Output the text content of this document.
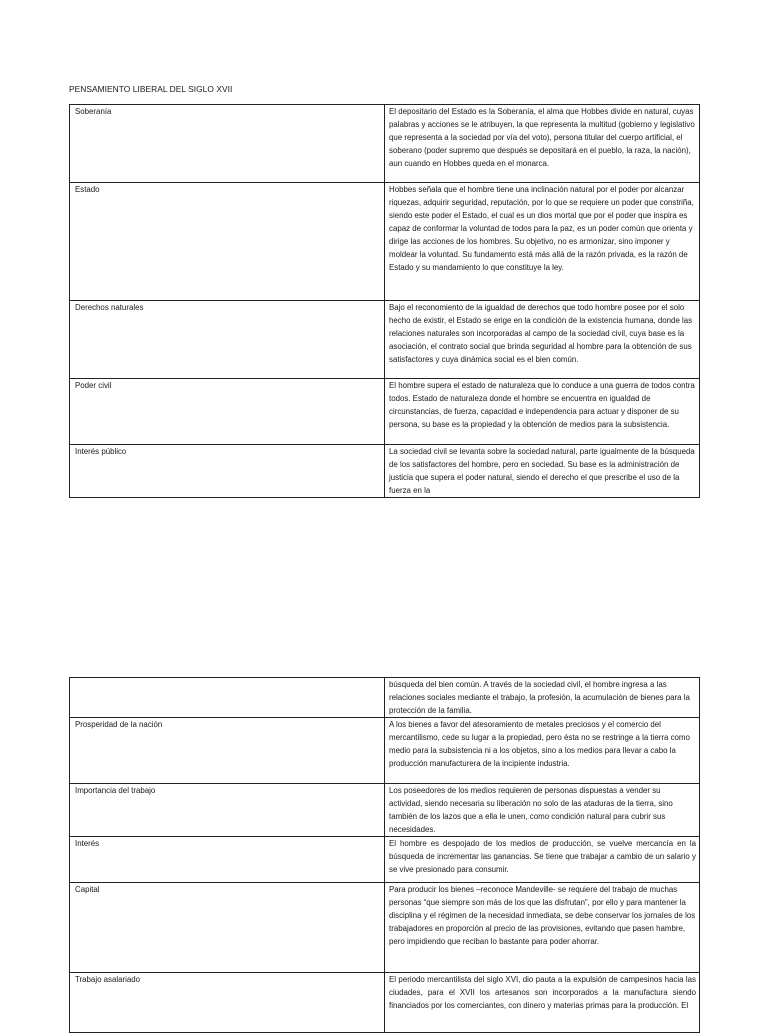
PENSAMIENTO LIBERAL DEL SIGLO XVII
Soberanía	El depositario del Estado es la Soberanía, el alma que Hobbes divide en natural, cuyas palabras y acciones se le atribuyen, la que representa la multitud (gobierno y legislativo que representa a la sociedad por vía del voto), persona titular del cuerpo artificial, el soberano (poder supremo que después se depositará en el pueblo, la raza, la nación), aun cuando en Hobbes queda en el monarca.
Estado	Hobbes señala que el hombre tiene una inclinación natural por el poder por alcanzar riquezas, adquirir seguridad, reputación, por lo que se requiere un poder que constriña, siendo este poder el Estado, el cual es un dios mortal que por el poder que inspira es capaz de conformar la voluntad de todos para la paz, es un poder común que orienta y dirige las acciones de los hombres. Su objetivo, no es armonizar, sino imponer y moldear la voluntad. Su fundamento está más allá de la razón privada, es la razón de Estado y su mandamiento lo que constituye la ley.
Derechos naturales	Bajo el reconomiento de la igualdad de derechos que todo hombre posee por el solo hecho de existir, el Estado se erige en la condición de la existencia humana, donde las relaciones naturales son incorporadas al campo de la sociedad civil, cuya base es la asociación, el contrato social que brinda seguridad al hombre para la obtención de sus satisfactores y cuya dinámica social es el bien común.
Poder civil	El hombre supera el estado de naturaleza que lo conduce a una guerra de todos contra todos. Estado de naturaleza donde el hombre se encuentra en igualdad de circunstancias, de fuerza, capacidad e independencia para actuar y disponer de su persona, su base es la propiedad y la obtención de medios para la subsistencia.
Interés público	La sociedad civil se levanta sobre la sociedad natural, parte igualmente de la búsqueda de los satisfactores del hombre, pero en sociedad. Su base es la administración de justicia que supera el poder natural, siendo el derecho el que prescribe el uso de la fuerza en la
	búsqueda del bien común. A través de la sociedad civil, el hombre ingresa a las relaciones sociales mediante el trabajo, la profesión, la acumulación de bienes para la protección de la familia.
Prosperidad de la nación	A los bienes a favor del atesoramiento de metales preciosos y el comercio del mercantilismo, cede su lugar a la propiedad, pero ésta no se restringe a la tierra como medio para la subsistencia ni a los objetos, sino a los medios para llevar a cabo la producción manufacturera de la incipiente industria.
Importancia del trabajo	Los poseedores de los medios requieren de personas dispuestas a vender su actividad, siendo necesaria su liberación no solo de las ataduras de la tierra, sino también de los lazos que a ella le unen, como condición natural para cubrir sus necesidades.
Interés	El hombre es despojado de los medios de producción, se vuelve mercancía en la búsqueda de incrementar las ganancias. Se tiene que trabajar a cambio de un salario y se vive presionado para consumir.
Capital	Para producir los bienes –reconoce Mandeville- se requiere del trabajo de muchas personas “que siempre son más de los que las disfrutan”, por ello y para mantener la disciplina y el régimen de la necesidad inmediata, se debe conservar los jornales de los trabajadores en proporción al precio de las provisiones, evitando que pasen hambre, pero impidiendo que reciban lo bastante para poder ahorrar.
Trabajo asalariado	El periodo mercantilista del siglo XVI, dio pauta a la expulsión de campesinos hacia las ciudades, para el XVII los artesanos son incorporados a la manufactura siendo financiados por los comerciantes, con dinero y materias primas para la producción. El
